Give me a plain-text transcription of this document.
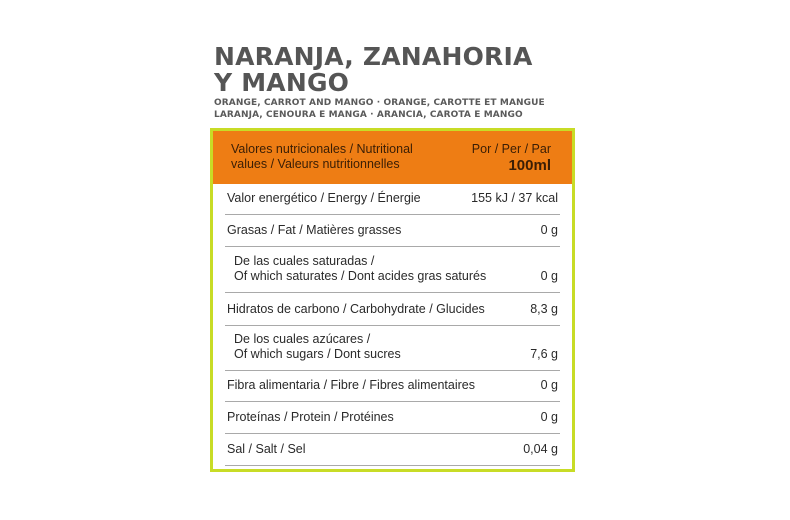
NARANJA, ZANAHORIA
Y MANGO
ORANGE, CARROT AND MANGO · ORANGE, CAROTTE ET MANGUE
LARANJA, CENOURA E MANGA · ARANCIA, CAROTA E MANGO
Valores nutricionales / Nutritional
values / Valeurs nutritionnelles
Por / Per / Par
100ml
Valor energético / Energy / Énergie	155 kJ / 37 kcal
Grasas / Fat / Matières grasses	0 g
De las cuales saturadas /
Of which saturates / Dont acides gras saturés	0 g
Hidratos de carbono / Carbohydrate / Glucides	8,3 g
De los cuales azúcares /
Of which sugars / Dont sucres	7,6 g
Fibra alimentaria / Fibre / Fibres alimentaires	0 g
Proteínas / Protein / Protéines	0 g
Sal / Salt / Sel	0,04 g
